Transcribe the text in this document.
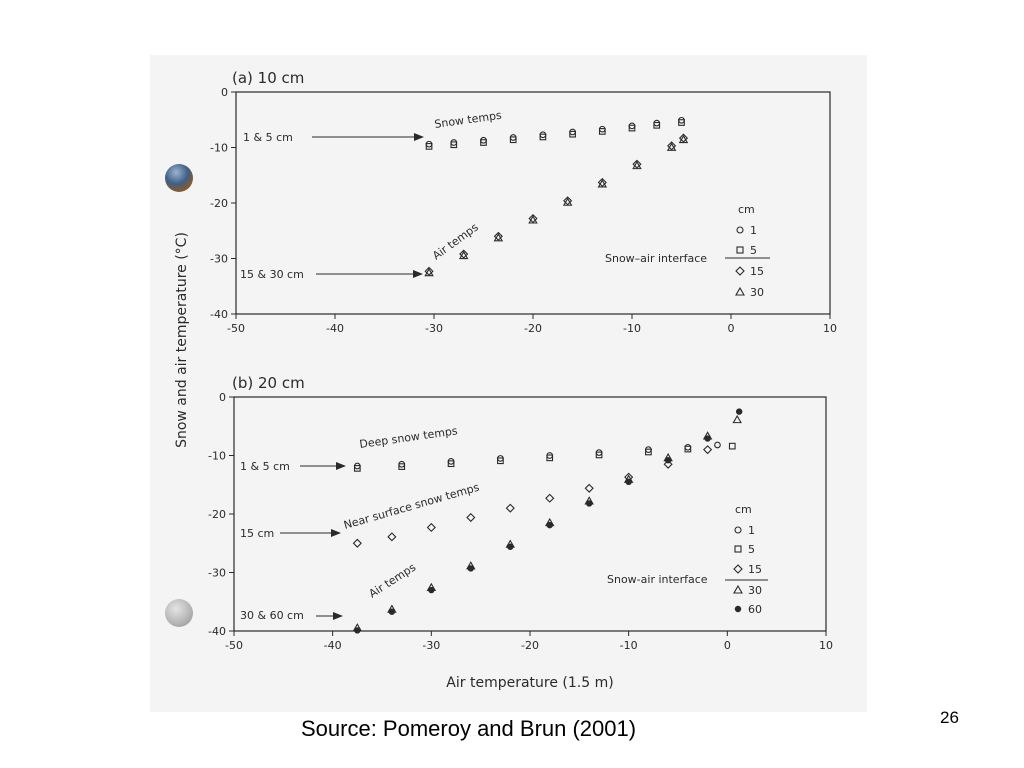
(a) 10 cm
0
-10
-20
-30
-40
-50	-40	-30	-20	-10	0	10
Snow temps
Air temps
1 & 5 cm
15 & 30 cm
cm
Snow–air interface
1
5
15
30
(b) 20 cm
0
-10
-20
-30
-40
-50	-40	-30	-20	-10	0	10
Deep snow temps
Near surface snow temps
Air temps
1 & 5 cm
15 cm
30 & 60 cm
cm
1
5
15
Snow-air interface
30
60
Snow and air temperature (°C)
Air temperature (1.5 m)
Source: Pomeroy and Brun (2001)	26
